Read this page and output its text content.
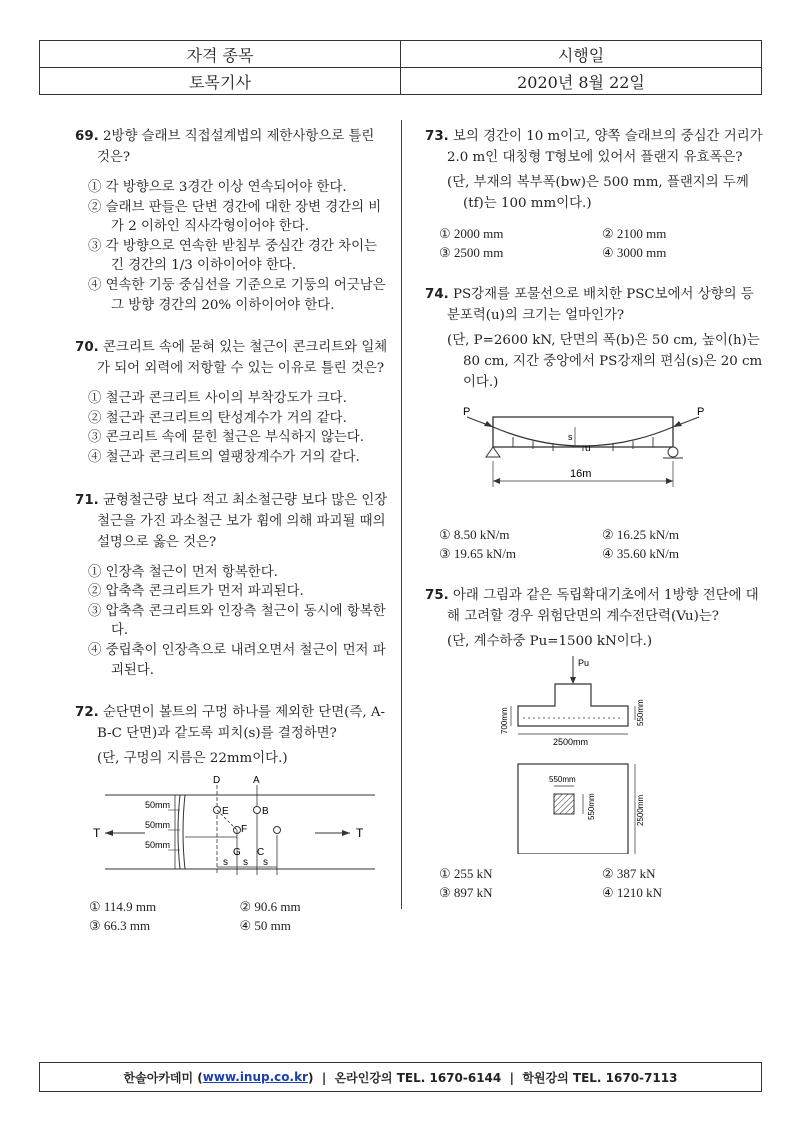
자격 종목	시행일
토목기사	2020년 8월 22일

69. 2방향 슬래브 직접설계법의 제한사항으로 틀린 것은?

① 각 방향으로 3경간 이상 연속되어야 한다.
② 슬래브 판들은 단변 경간에 대한 장변 경간의 비가 2 이하인 직사각형이어야 한다.
③ 각 방향으로 연속한 받침부 중심간 경간 차이는 긴 경간의 1/3 이하이어야 한다.
④ 연속한 기둥 중심선을 기준으로 기둥의 어긋남은 그 방향 경간의 20% 이하이어야 한다.

70. 콘크리트 속에 묻혀 있는 철근이 콘크리트와 일체가 되어 외력에 저항할 수 있는 이유로 틀린 것은?

① 철근과 콘크리트 사이의 부착강도가 크다.
② 철근과 콘크리트의 탄성계수가 거의 같다.
③ 콘크리트 속에 묻힌 철근은 부식하지 않는다.
④ 철근과 콘크리트의 열팽창계수가 거의 같다.

71. 균형철근량 보다 적고 최소철근량 보다 많은 인장철근을 가진 과소철근 보가 휨에 의해 파괴될 때의 설명으로 옳은 것은?

① 인장측 철근이 먼저 항복한다.
② 압축측 콘크리트가 먼저 파괴된다.
③ 압축측 콘크리트와 인장측 철근이 동시에 항복한다.
④ 중립축이 인장측으로 내려오면서 철근이 먼저 파괴된다.

72. 순단면이 볼트의 구멍 하나를 제외한 단면(즉, A-B-C 단면)과 같도록 피치(s)를 결정하면?

(단, 구멍의 지름은 22mm이다.)

50mm
50mm
50mm
T	T
D	A
E	B
F
G C
s s s
① 114.9 mm	② 90.6 mm
③ 66.3 mm	④ 50 mm

73. 보의 경간이 10 m이고, 양쪽 슬래브의 중심간 거리가 2.0 m인 대칭형 T형보에 있어서 플랜지 유효폭은?

(단, 부재의 복부폭(bw)은 500 mm, 플랜지의 두께(tf)는 100 mm이다.)

① 2000 mm	② 2100 mm
③ 2500 mm	④ 3000 mm

74. PS강재를 포물선으로 배치한 PSC보에서 상향의 등분포력(u)의 크기는 얼마인가?

(단, P=2600 kN, 단면의 폭(b)은 50 cm, 높이(h)는 80 cm, 지간 중앙에서 PS강재의 편심(s)은 20 cm이다.)

P	P
s
u
16m
① 8.50 kN/m	② 16.25 kN/m
③ 19.65 kN/m	④ 35.60 kN/m

75. 아래 그림과 같은 독립확대기초에서 1방향 전단에 대해 고려할 경우 위험단면의 계수전단력(Vu)는?

(단, 계수하중 Pu=1500 kN이다.)

Pu
2500mm
700mm	550mm
550mm
550mm	2500mm
① 255 kN	② 387 kN
③ 897 kN	④ 1210 kN
한솔아카데미 ( www.inup.co.kr )  |  온라인강의 TEL. 1670-6144  |  학원강의 TEL. 1670-7113
